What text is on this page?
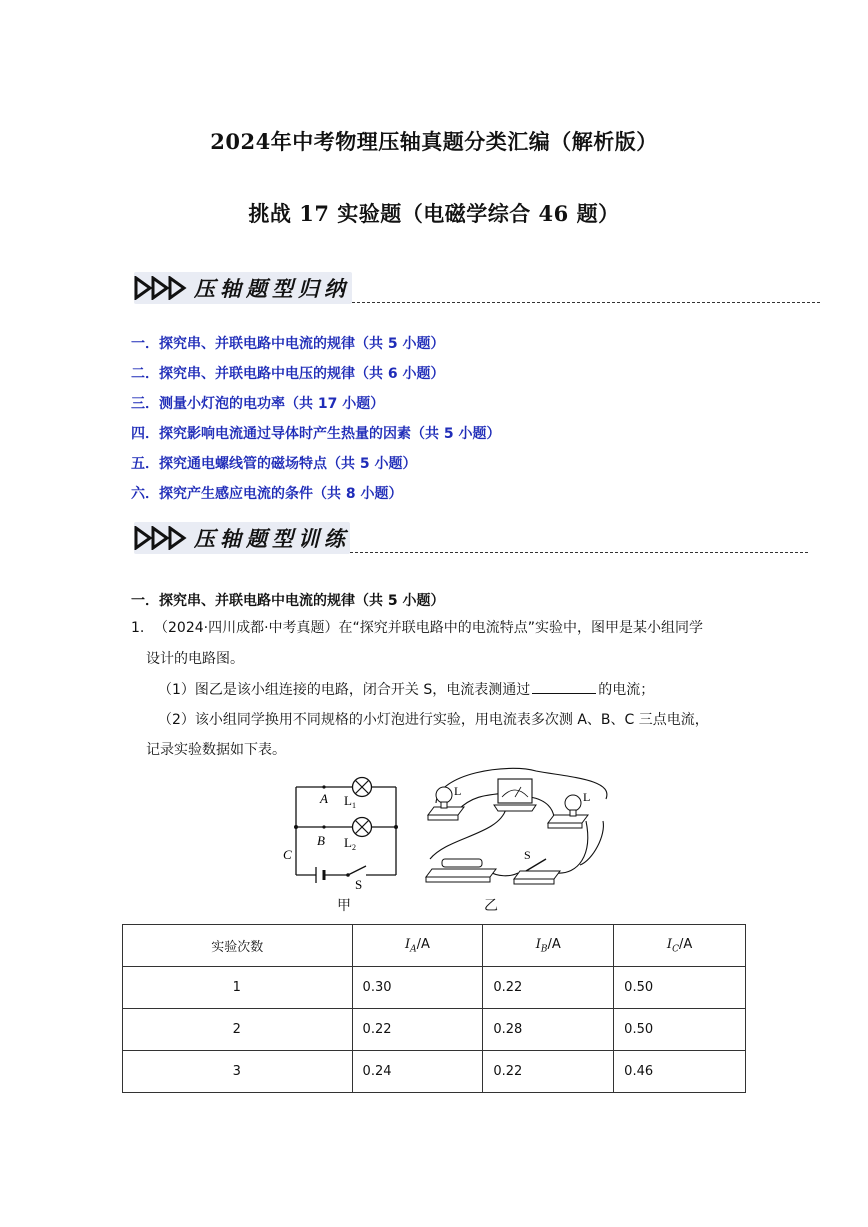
2024年中考物理压轴真题分类汇编（解析版）
挑战 17 实验题（电磁学综合 46 题）
压轴题型归纳
一．探究串、并联电路中电流的规律（共 5 小题）
二．探究串、并联电路中电压的规律（共 6 小题）
三．测量小灯泡的电功率（共 17 小题）
四．探究影响电流通过导体时产生热量的因素（共 5 小题）
五．探究通电螺线管的磁场特点（共 5 小题）
六．探究产生感应电流的条件（共 8 小题）
压轴题型训练
一．探究串、并联电路中电流的规律（共 5 小题）
1. （2024·四川成都·中考真题）在“探究并联电路中的电流特点”实验中，图甲是某小组同学
设计的电路图。
（1）图乙是该小组连接的电路，闭合开关 S，电流表测通过	的电流；
（2）该小组同学换用不同规格的小灯泡进行实验，用电流表多次测 A、B、C 三点电流，
记录实验数据如下表。
A L 1
B L 2
C
S
L	L
S
甲	乙
实验次数	$I_A/A$	$I_B/A$	$I_C/A$
1	0.30	0.22	0.50
2	0.22	0.28	0.50
3	0.24	0.22	0.46
